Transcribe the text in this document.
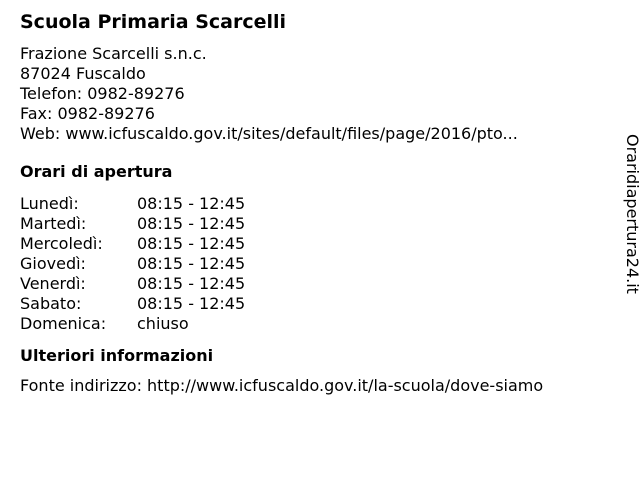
Scuola Primaria Scarcelli
Frazione Scarcelli s.n.c.
87024 Fuscaldo
Telefon: 0982-89276
Fax: 0982-89276
Web: www.icfuscaldo.gov.it/sites/default/files/page/2016/pto...
Orari di apertura
Lunedì:	08:15 - 12:45
Martedì:	08:15 - 12:45
Mercoledì:	08:15 - 12:45
Giovedì:	08:15 - 12:45
Venerdì:	08:15 - 12:45
Sabato:	08:15 - 12:45
Domenica:	chiuso
Ulteriori informazioni
Fonte indirizzo: http://www.icfuscaldo.gov.it/la-scuola/dove-siamo
Oraridiapertura24.it
